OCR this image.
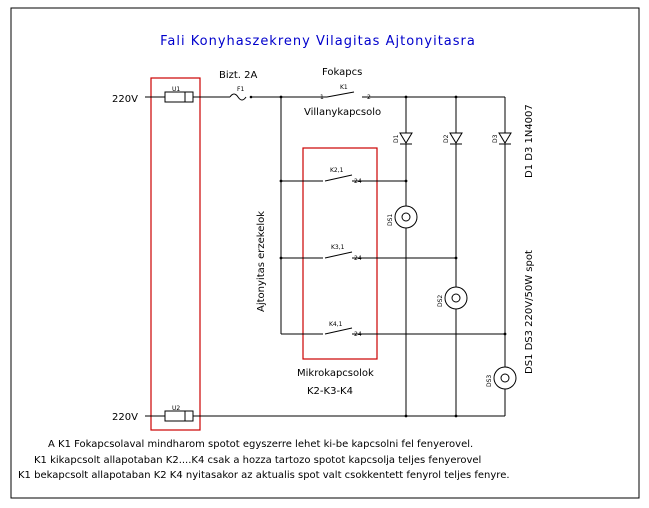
Fali Konyhaszekreny Vilagitas Ajtonyitasra
220V
220V
U1
U2
Bizt. 2A
F1
Fokapcs
K1
1	2
Villanykapcsolo
Ajtonyitas erzekelok
K2,1
24
K3,1
24
K4,1
24
Mikrokapcsolok
K2-K3-K4
D1
DS1
D2
DS2
D3
DS3
D1 D3 1N4007
DS1 DS3 220V/50W spot
A K1 Fokapcsolaval mindharom spotot egyszerre lehet ki-be kapcsolni fel fenyerovel.
K1 kikapcsolt allapotaban K2....K4 csak a hozza tartozo spotot kapcsolja teljes fenyerovel
K1 bekapcsolt allapotaban K2 K4 nyitasakor az aktualis spot valt csokkentett fenyrol teljes fenyre.
